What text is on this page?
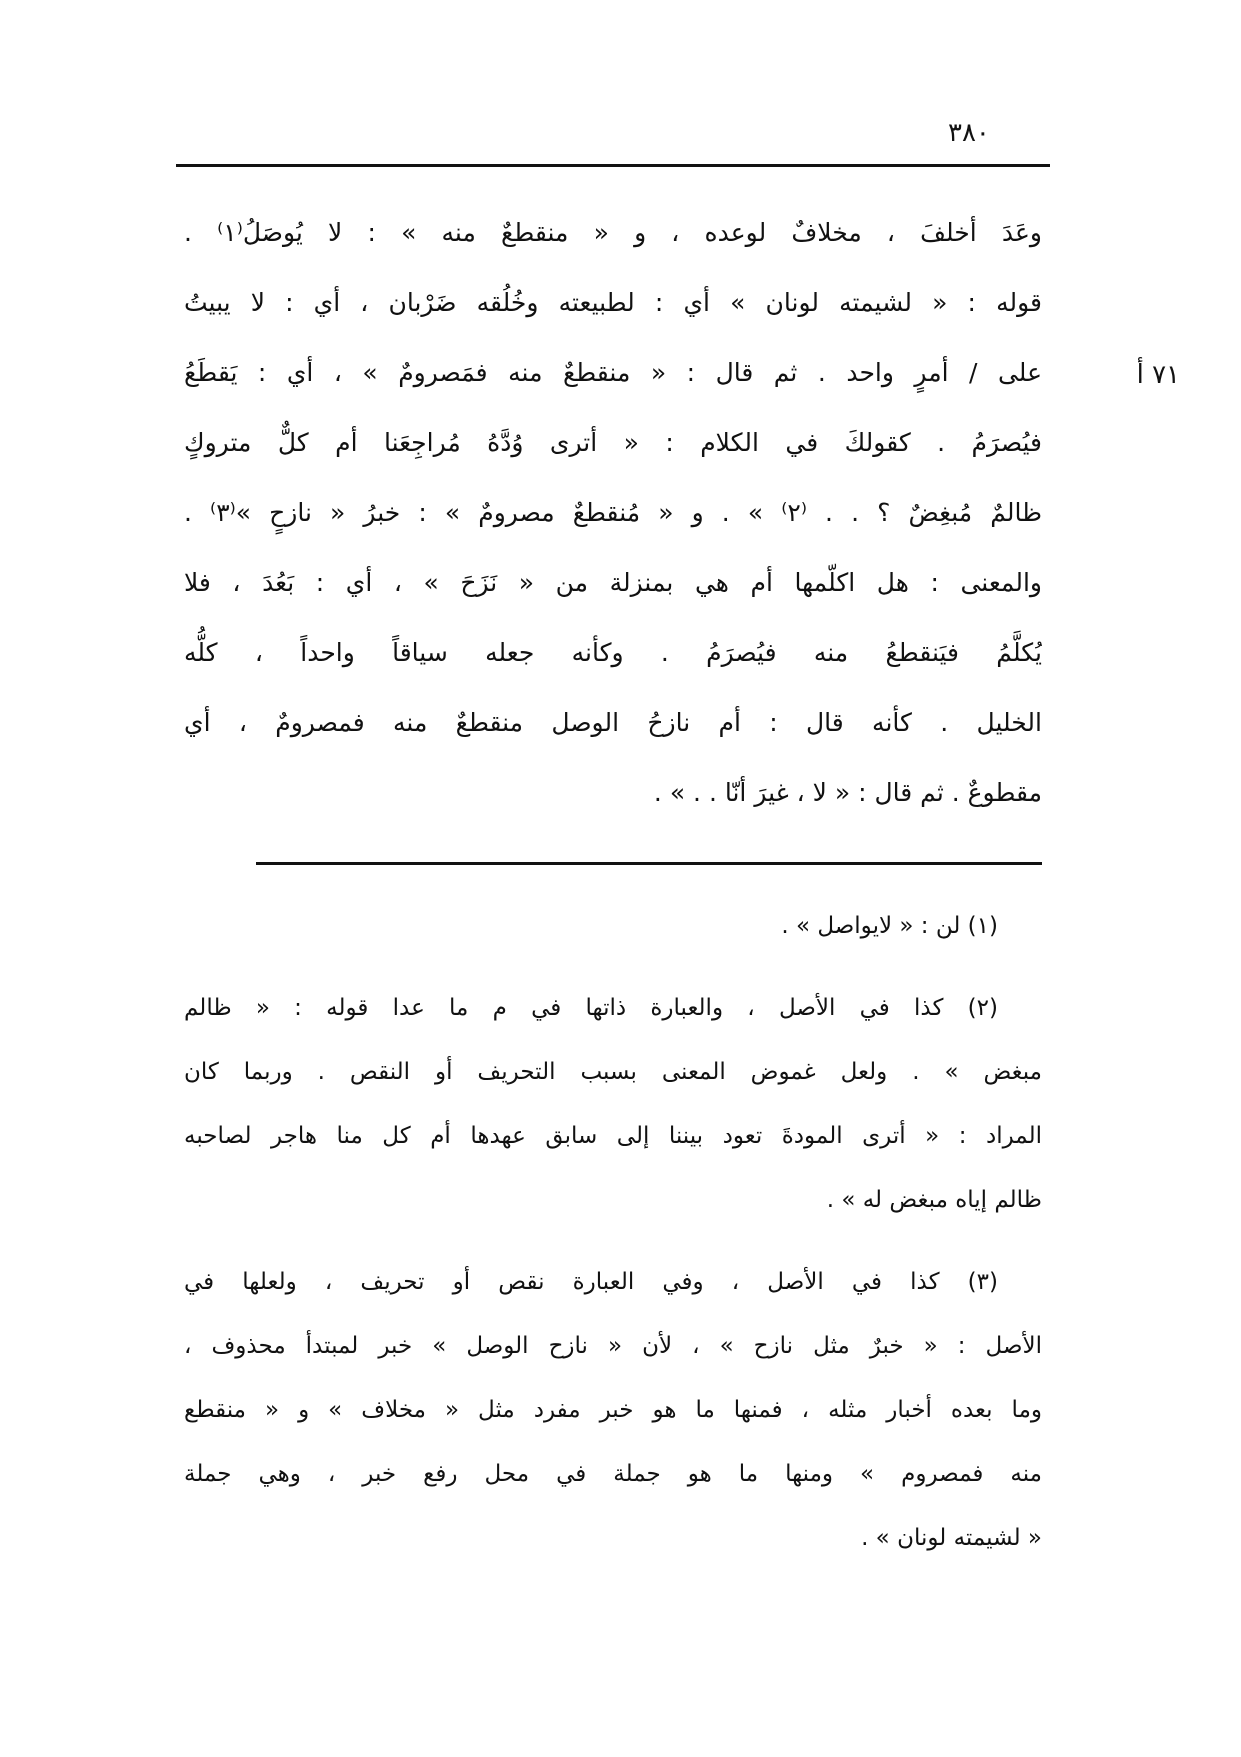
٣٨٠
٧١ أ
وعَدَ أخلفَ ، مخلافٌ لوعده ، و « منقطعٌ منه » : لا يُوصَلُ⁽١⁾ .
قوله : « لشيمته لونان » أي : لطبيعته وخُلُقه ضَرْبان ، أي : لا يبيتُ
على / أمرٍ واحد . ثم قال : « منقطعٌ منه فمَصرومٌ » ، أي : يَقطَعُ
فيُصرَمُ . كقولكَ في الكلام : « أترى وُدَّهُ مُراجِعَنا أم كلٌّ متروكٍ
ظالمٌ مُبغِضٌ ؟ . . ⁽٢⁾ » . و « مُنقطعٌ مصرومٌ » : خبرُ « نازحٍ »⁽٣⁾ .
والمعنى : هل اكلّمها أم هي بمنزلة من « نَزَحَ » ، أي : بَعُدَ ، فلا
يُكلَّمُ فيَنقطعُ منه فيُصرَمُ . وكأنه جعله سياقاً واحداً ، كلُّه
الخليل . كأنه قال : أم نازحُ الوصل منقطعٌ منه فمصرومٌ ، أي
مقطوعٌ . ثم قال : « لا ، غيرَ أنّا . . » .
(١) لن : « لايواصل » .
(٢) كذا في الأصل ، والعبارة ذاتها في م ما عدا قوله : « ظالم
مبغض » . ولعل غموض المعنى بسبب التحريف أو النقص . وربما كان
المراد : « أترى المودةَ تعود بيننا إلى سابق عهدها أم كل منا هاجر لصاحبه
ظالم إياه مبغض له » .
(٣) كذا في الأصل ، وفي العبارة نقص أو تحريف ، ولعلها في
الأصل : « خبرٌ مثل نازح » ، لأن « نازح الوصل » خبر لمبتدأ محذوف ،
وما بعده أخبار مثله ، فمنها ما هو خبر مفرد مثل « مخلاف » و « منقطع
منه فمصروم » ومنها ما هو جملة في محل رفع خبر ، وهي جملة
« لشيمته لونان » .
